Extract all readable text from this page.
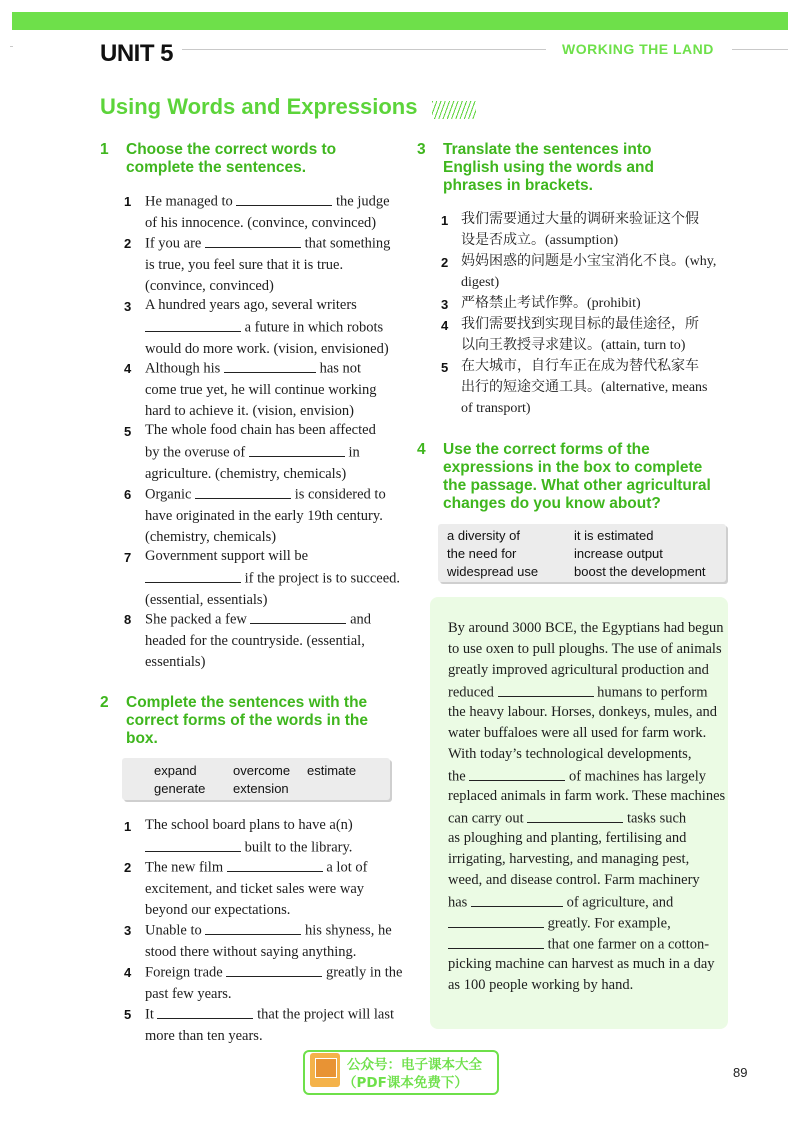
UNIT 5	WORKING THE LAND
Using Words and Expressions
1 Choose the correct words to
complete the sentences.
1 He managed to	the judge
of his innocence. (convince, convinced)
2 If you are	that something
is true, you feel sure that it is true.
(convince, convinced)
3 A hundred years ago, several writers
a future in which robots
would do more work. (vision, envisioned)
4 Although his	has not
come true yet, he will continue working
hard to achieve it. (vision, envision)
5 The whole food chain has been affected
by the overuse of	in
agriculture. (chemistry, chemicals)
6 Organic	is considered to
have originated in the early 19th century.
(chemistry, chemicals)
7 Government support will be
if the project is to succeed.
(essential, essentials)
8 She packed a few	and
headed for the countryside. (essential,
essentials)
2 Complete the sentences with the
correct forms of the words in the
box.
expand	overcome estimate
generate extension
1 The school board plans to have a(n)
built to the library.
2 The new film	a lot of
excitement, and ticket sales were way
beyond our expectations.
3 Unable to	his shyness, he
stood there without saying anything.
4 Foreign trade	greatly in the
past few years.
5 It	that the project will last
more than ten years.
3 Translate the sentences into
English using the words and
phrases in brackets.
1 我们需要通过大量的调研来验证这个假
设是否成立。(assumption)
2 妈妈困惑的问题是小宝宝消化不良。(why,
digest)
3 严格禁止考试作弊。(prohibit)
4 我们需要找到实现目标的最佳途径，所
以向王教授寻求建议。(attain, turn to)
5 在大城市，自行车正在成为替代私家车
出行的短途交通工具。(alternative, means
of transport)
4 Use the correct forms of the
expressions in the box to complete
the passage. What other agricultural
changes do you know about?
a diversity of	it is estimated
the need for	increase output
widespread use	boost the development
By around 3000 BCE, the Egyptians had begun
to use oxen to pull ploughs. The use of animals
greatly improved agricultural production and
reduced	humans to perform
the heavy labour. Horses, donkeys, mules, and
water buffaloes were all used for farm work.
With today’s technological developments,
the	of machines has largely
replaced animals in farm work. These machines
can carry out	tasks such
as ploughing and planting, fertilising and
irrigating, harvesting, and managing pest,
weed, and disease control. Farm machinery
has	of agriculture, and
greatly. For example,
that one farmer on a cotton-
picking machine can harvest as much in a day
as 100 people working by hand.
公众号：电子课本大全
（PDF课本免费下）
89
